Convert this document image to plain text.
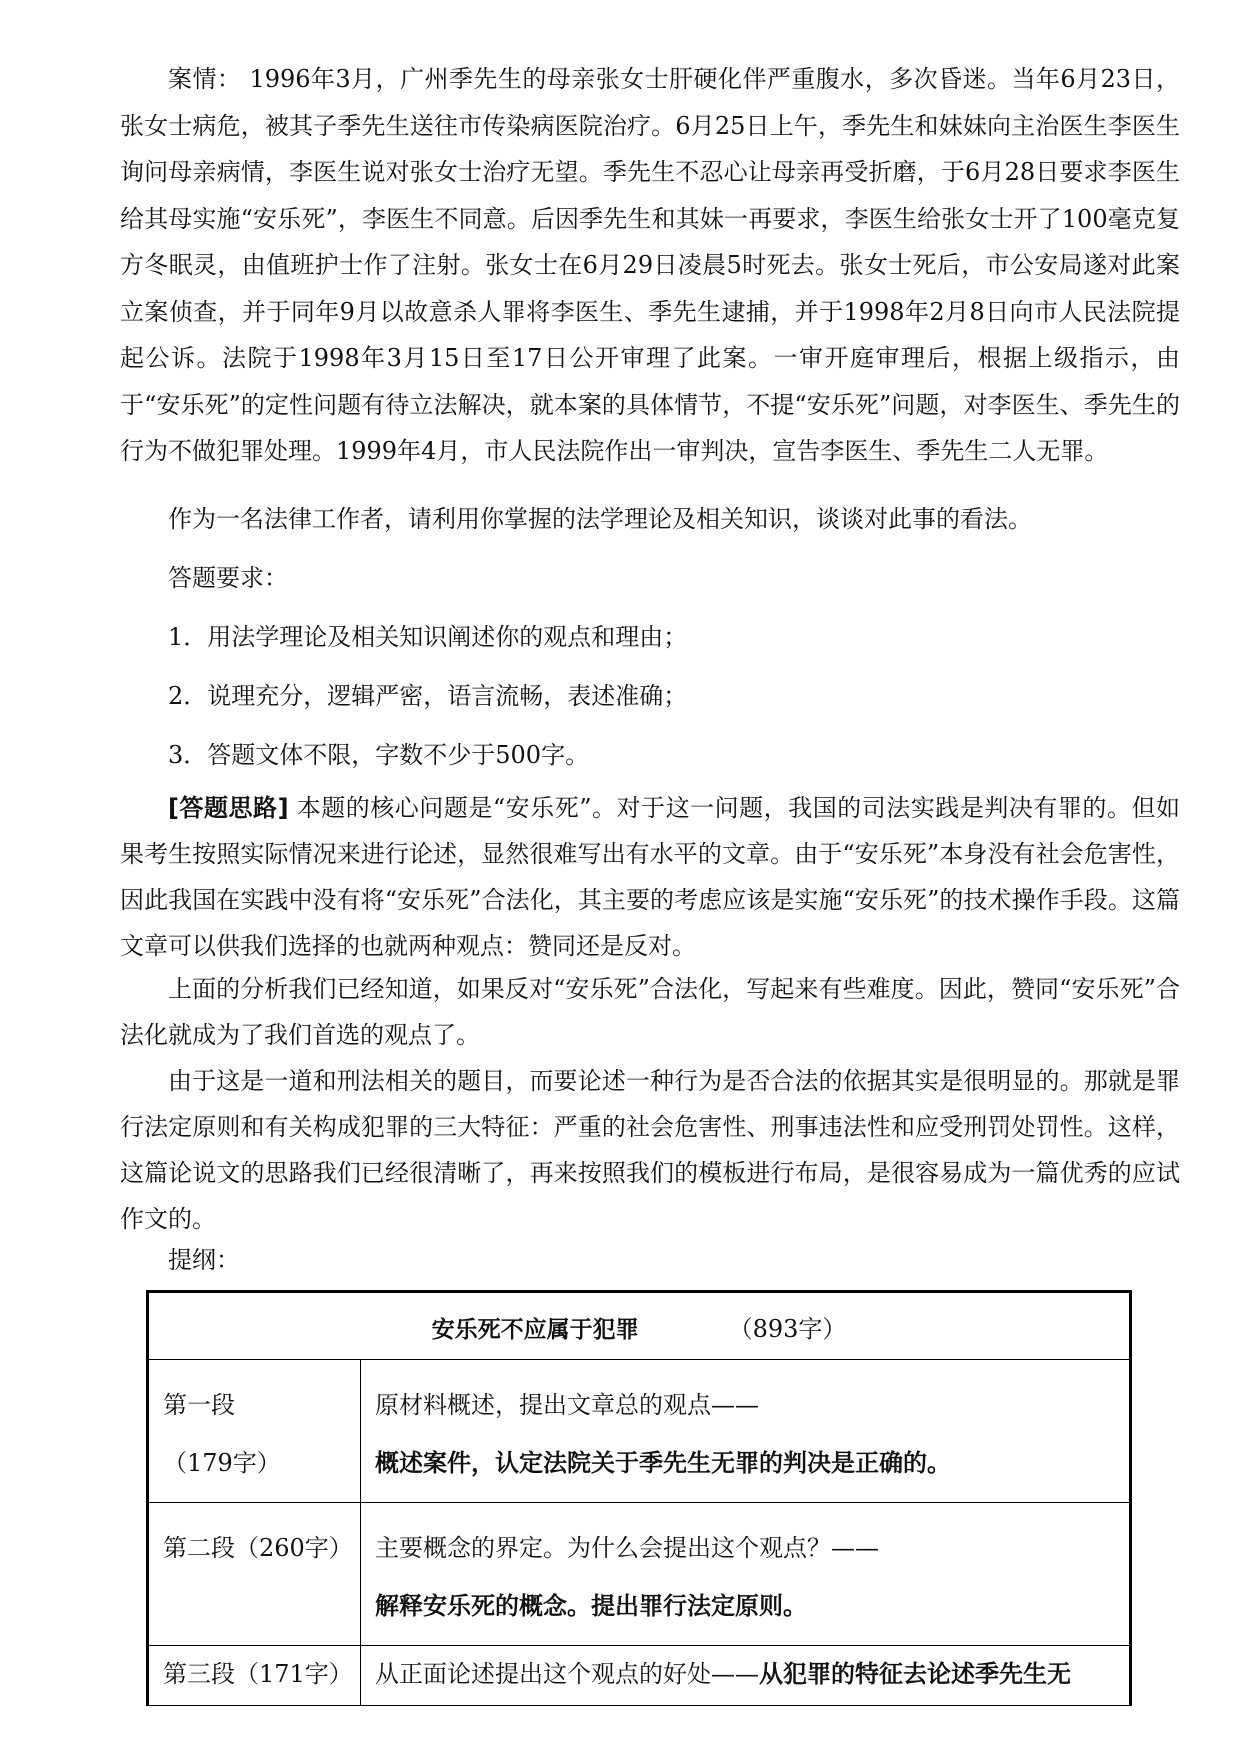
案情： 1996年3月，广州季先生的母亲张女士肝硬化伴严重腹水，多次昏迷。当年6月23日，张女士病危，被其子季先生送往市传染病医院治疗。6月25日上午，季先生和妹妹向主治医生李医生询问母亲病情，李医生说对张女士治疗无望。季先生不忍心让母亲再受折磨，于6月28日要求李医生给其母实施“安乐死”，李医生不同意。后因季先生和其妹一再要求，李医生给张女士开了100毫克复方冬眠灵，由值班护士作了注射。张女士在6月29日凌晨5时死去。张女士死后，市公安局遂对此案立案侦查，并于同年9月以故意杀人罪将李医生、季先生逮捕，并于1998年2月8日向市人民法院提起公诉。法院于1998年3月15日至17日公开审理了此案。一审开庭审理后，根据上级指示，由于“安乐死”的定性问题有待立法解决，就本案的具体情节，不提“安乐死”问题，对李医生、季先生的行为不做犯罪处理。1999年4月，市人民法院作出一审判决，宣告李医生、季先生二人无罪。

作为一名法律工作者，请利用你掌握的法学理论及相关知识，谈谈对此事的看法。

答题要求：

1．用法学理论及相关知识阐述你的观点和理由；

2．说理充分，逻辑严密，语言流畅，表述准确；

3．答题文体不限，字数不少于500字。

[答题思路] 本题的核心问题是“安乐死”。对于这一问题，我国的司法实践是判决有罪的。但如果考生按照实际情况来进行论述，显然很难写出有水平的文章。由于“安乐死”本身没有社会危害性，因此我国在实践中没有将“安乐死”合法化，其主要的考虑应该是实施“安乐死”的技术操作手段。这篇文章可以供我们选择的也就两种观点：赞同还是反对。

上面的分析我们已经知道，如果反对“安乐死”合法化，写起来有些难度。因此，赞同“安乐死”合法化就成为了我们首选的观点了。

由于这是一道和刑法相关的题目，而要论述一种行为是否合法的依据其实是很明显的。那就是罪行法定原则和有关构成犯罪的三大特征：严重的社会危害性、刑事违法性和应受刑罚处罚性。这样，这篇论说文的思路我们已经很清晰了，再来按照我们的模板进行布局，是很容易成为一篇优秀的应试作文的。

提纲：

安乐死不应属于犯罪 （893字）	

第一段
（179字）	原材料概述，提出文章总的观点——
概述案件，认定法院关于季先生无罪的判决是正确的。

第二段（260字）	主要概念的界定。为什么会提出这个观点？——
解释安乐死的概念。提出罪行法定原则。

第三段（171字）	从正面论述提出这个观点的好处——从犯罪的特征去论述季先生无
